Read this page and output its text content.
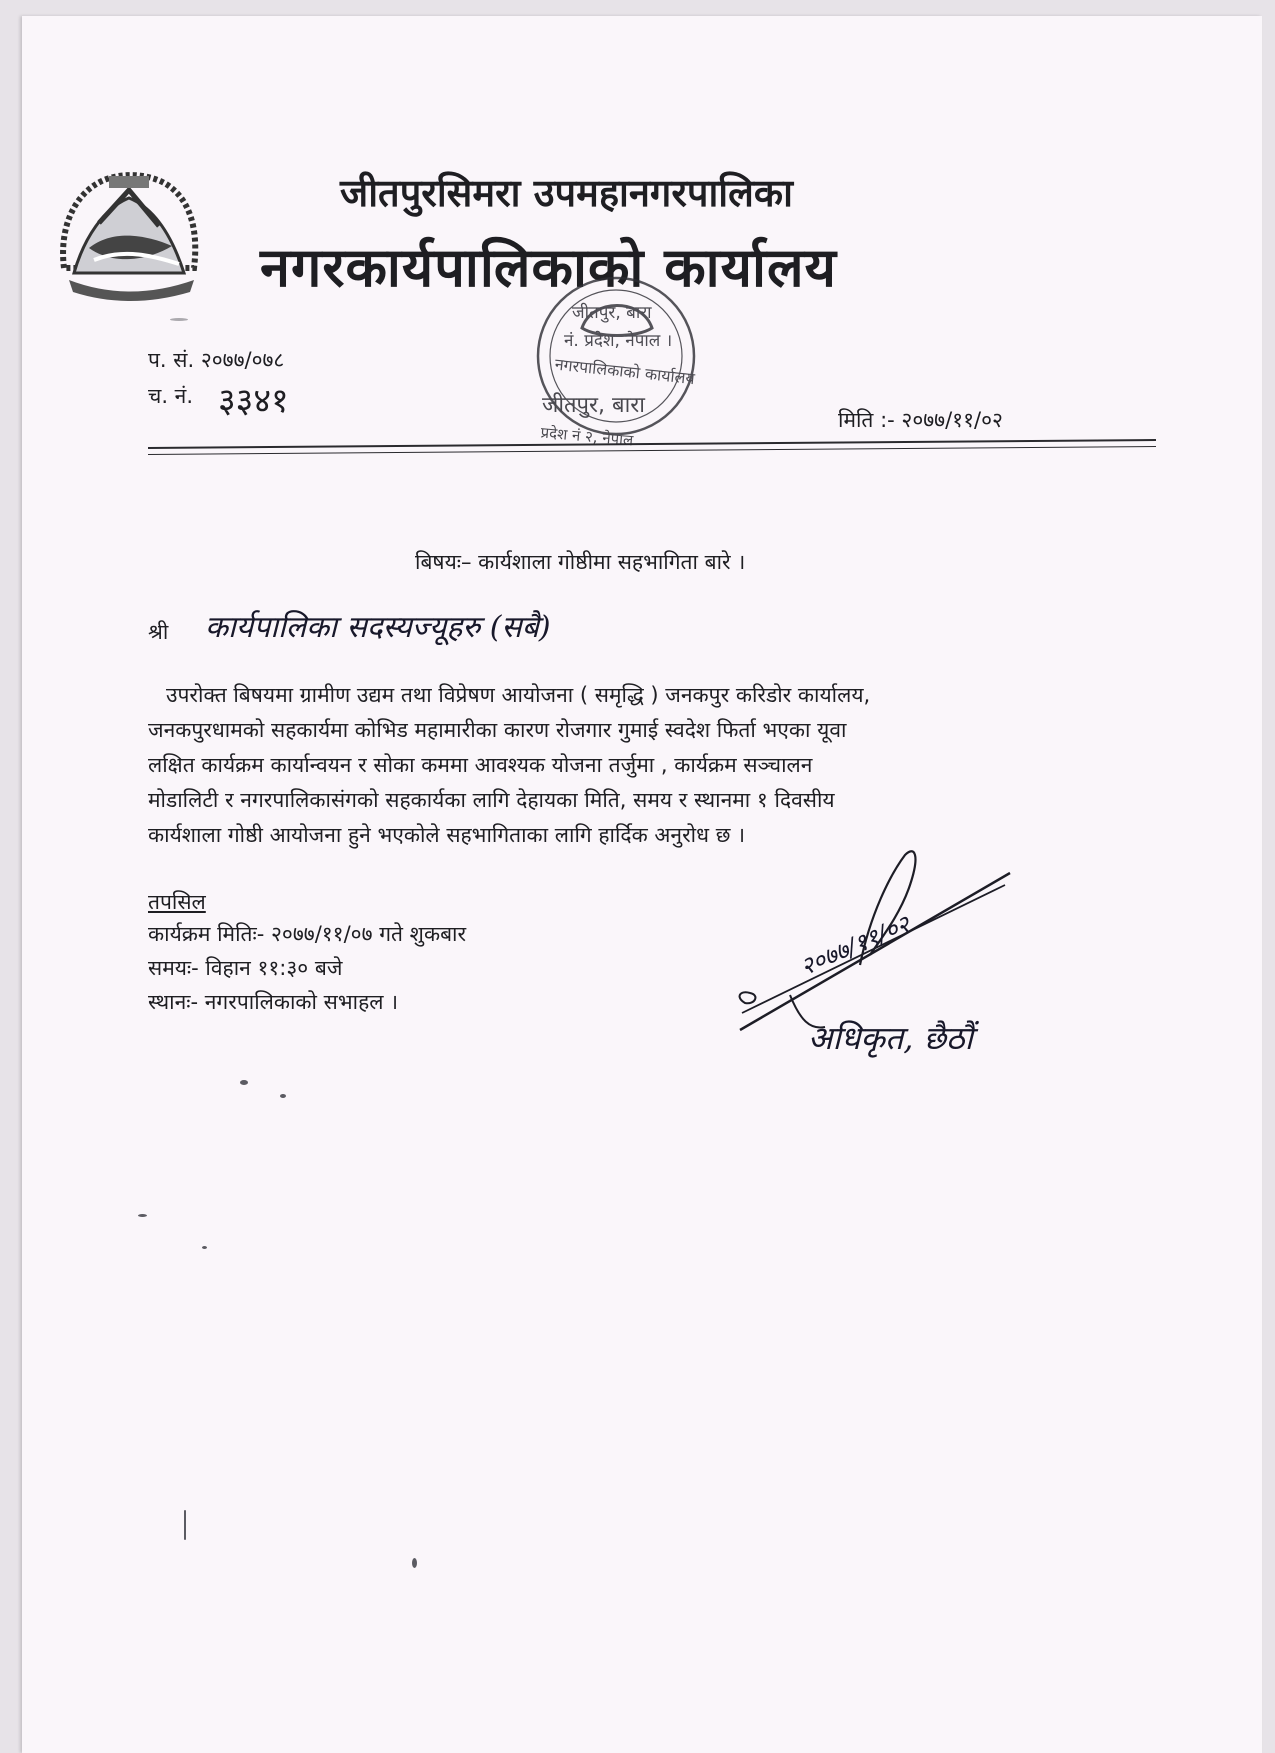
जीतपुरसिमरा उपमहानगरपालिका
नगरकार्यपालिकाको कार्यालय
जीतपुर, बारा
नं. प्रदेश, नेपाल ।
नगरपालिकाको कार्यालय
जीतपुर, बारा
प्रदेश नं २, नेपाल
प. सं. २०७७/०७८
च. नं. ३३४१	मिति :- २०७७/११/०२
बिषयः– कार्यशाला गोष्ठीमा सहभागिता बारे ।
श्री कार्यपालिका सदस्यज्यूहरु (सबै)
उपरोक्त बिषयमा ग्रामीण उद्यम तथा विप्रेषण आयोजना ( समृद्धि ) जनकपुर करिडोर कार्यालय,
जनकपुरधामको सहकार्यमा कोभिड महामारीका कारण रोजगार गुमाई स्वदेश फिर्ता भएका यूवा
लक्षित कार्यक्रम कार्यान्वयन र सोका कममा आवश्यक योजना तर्जुमा , कार्यक्रम सञ्चालन
मोडालिटी र नगरपालिकासंगको सहकार्यका लागि देहायका मिति, समय र स्थानमा १ दिवसीय
कार्यशाला गोष्ठी आयोजना हुने भएकोले सहभागिताका लागि हार्दिक अनुरोध छ ।
तपसिल
कार्यक्रम मितिः- २०७७/११/०७ गते शुकबार
समयः- विहान ११:३० बजे
स्थानः- नगरपालिकाको सभाहल ।
२०७७/११/०२
अधिकृत, छैठौं
